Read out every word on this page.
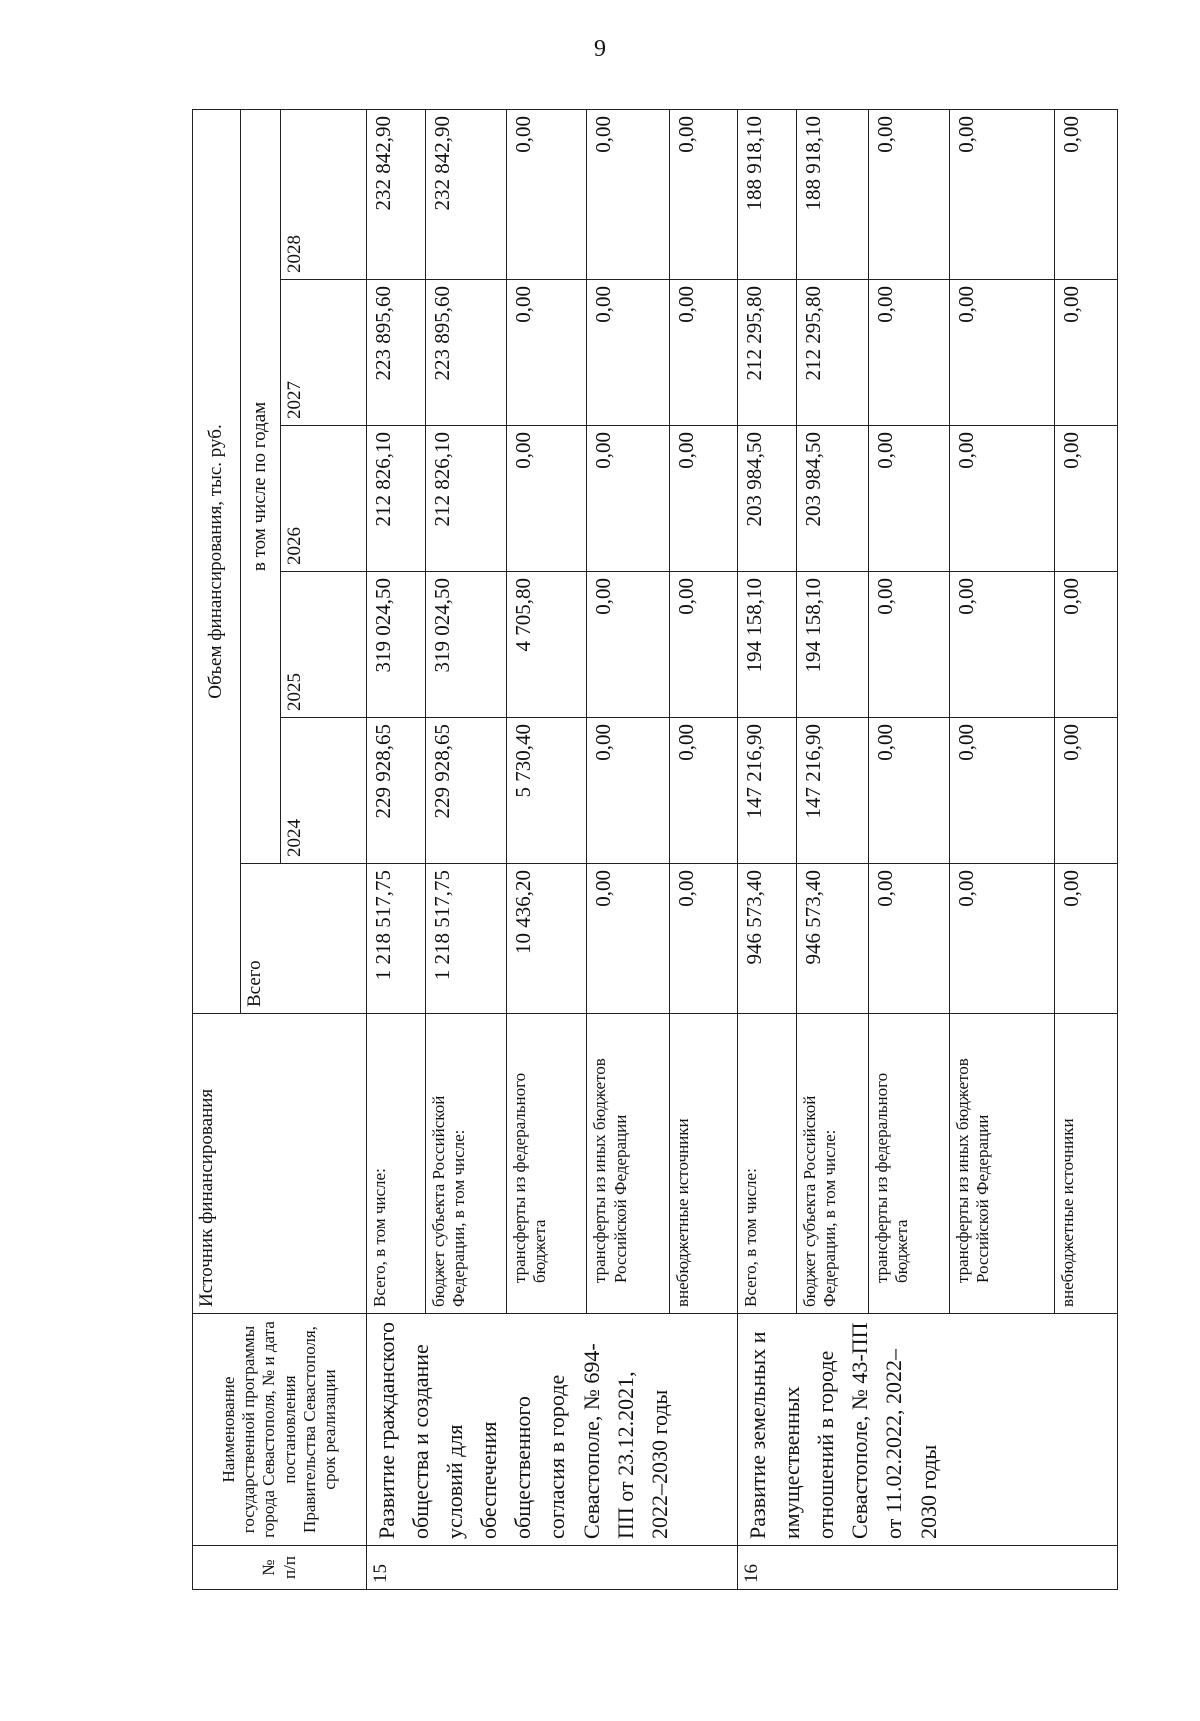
9
№ п/п	Наименование государственной программы города Севастополя, № и дата постановления Правительства Севастополя, срок реализации	Источник финансирования	Объем финансирования, тыс. руб.					
			Всего	в том числе по годам				
				2024	2025	2026	2027	2028
15	Развитие гражданского общества и создание условий для обеспечения общественного согласия в городе Севастополе, № 694-ПП от 23.12.2021, 2022–2030 годы	Всего, в том числе:	1 218 517,75	229 928,65	319 024,50	212 826,10	223 895,60	232 842,90
		бюджет субъекта Российской Федерации, в том числе:	1 218 517,75	229 928,65	319 024,50	212 826,10	223 895,60	232 842,90
		трансферты из федерального бюджета	10 436,20	5 730,40	4 705,80	0,00	0,00	0,00
		трансферты из иных бюджетов Российской Федерации	0,00	0,00	0,00	0,00	0,00	0,00
		внебюджетные источники	0,00	0,00	0,00	0,00	0,00	0,00
16	Развитие земельных и имущественных отношений в городе Севастополе, № 43-ПП от 11.02.2022, 2022–2030 годы	Всего, в том числе:	946 573,40	147 216,90	194 158,10	203 984,50	212 295,80	188 918,10
		бюджет субъекта Российской Федерации, в том числе:	946 573,40	147 216,90	194 158,10	203 984,50	212 295,80	188 918,10
		трансферты из федерального бюджета	0,00	0,00	0,00	0,00	0,00	0,00
		трансферты из иных бюджетов Российской Федерации	0,00	0,00	0,00	0,00	0,00	0,00
		внебюджетные источники	0,00	0,00	0,00	0,00	0,00	0,00
